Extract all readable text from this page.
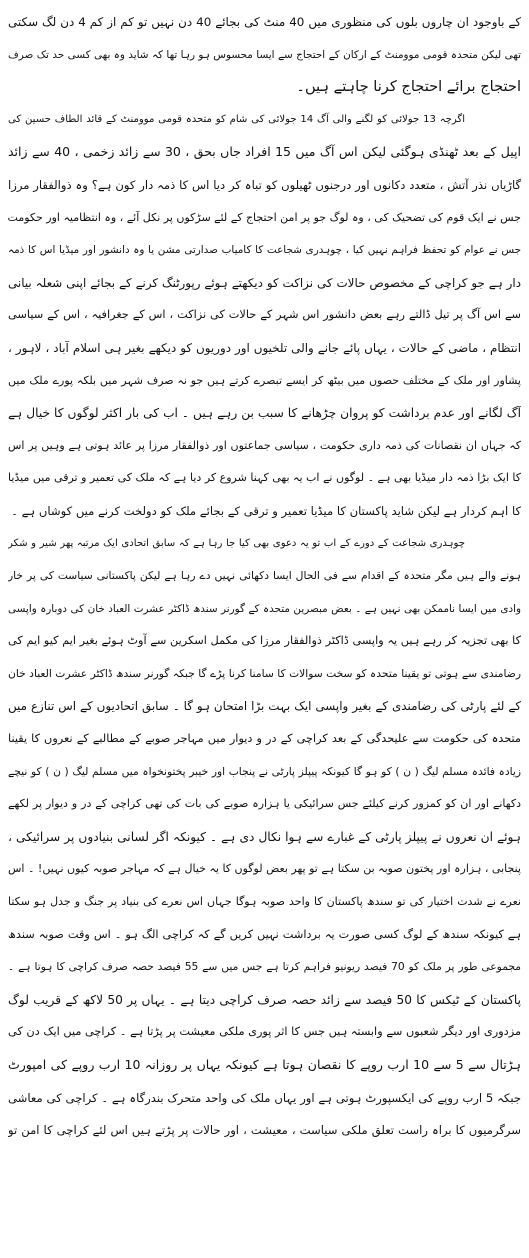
کے باوجود ان چاروں بلوں کی منظوری میں 40 منٹ کی بجائے 40 دن نہیں تو کم از کم 4 دن لگ سکتی
تھی لیکن متحدہ قومی موومنٹ کے ارکان کے احتجاج سے ایسا محسوس ہو رہا تھا کہ شاید وہ بھی کسی حد تک صرف
احتجاج برائے احتجاج کرنا چاہتے ہیں۔
اگرچہ 13 جولائی کو لگنے والی آگ 14 جولائی کی شام کو متحدہ قومی موومنٹ کے قائد الطاف حسین کی
اپیل کے بعد ٹھنڈی ہوگئی لیکن اس آگ میں 15 افراد جاں بحق ، 30 سے زائد زخمی ، 40 سے زائد
گاڑیاں نذر آتش ، متعدد دکانوں اور درجنوں ٹھیلوں کو تباہ کر دیا اس کا ذمہ دار کون ہے؟ وہ ذوالفقار مرزا
جس نے ایک قوم کی تضحیک کی ، وہ لوگ جو پر امن احتجاج کے لئے سڑکوں پر نکل آئے ، وہ انتظامیہ اور حکومت
جس نے عوام کو تحفظ فراہم نہیں کیا ، چوہدری شجاعت کا کامیاب صدارتی مشن یا وہ دانشور اور میڈیا اس کا ذمہ
دار ہے جو کراچی کے مخصوص حالات کی نزاکت کو دیکھتے ہوئے رپورٹنگ کرنے کے بجائے اپنی شعلہ بیانی
سے اس آگ پر تیل ڈالتے رہے بعض دانشور اس شہر کے حالات کی نزاکت ، اس کے جغرافیہ ، اس کے سیاسی
انتظام ، ماضی کے حالات ، یہاں پائے جانے والی تلخیوں اور دوریوں کو دیکھے بغیر ہی اسلام آباد ، لاہور ،
پشاور اور ملک کے مختلف حصوں میں بیٹھ کر ایسے تبصرے کرتے ہیں جو نہ صرف شہر میں بلکہ پورے ملک میں
آگ لگانے اور عدم برداشت کو پروان چڑھانے کا سبب بن رہے ہیں ۔ اب کی بار اکثر لوگوں کا خیال ہے
کہ جہاں ان نقصانات کی ذمہ داری حکومت ، سیاسی جماعتوں اور ذوالفقار مرزا پر عائد ہوتی ہے وہیں پر اس
کا ایک بڑا ذمہ دار میڈیا بھی ہے ۔ لوگوں نے اب یہ بھی کہنا شروع کر دیا ہے کہ ملک کی تعمیر و ترقی میں میڈیا
کا اہم کردار ہے لیکن شاید پاکستان کا میڈیا تعمیر و ترقی کے بجائے ملک کو دولخت کرنے میں کوشاں ہے ۔
چوہدری شجاعت کے دورے کے اب تو یہ دعوی بھی کیا جا رہا ہے کہ سابق اتحادی ایک مرتبہ پھر شیر و شکر
ہونے والے ہیں مگر متحدہ کے اقدام سے فی الحال ایسا دکھائی نہیں دے رہا ہے لیکن پاکستانی سیاست کی پر خار
وادی میں ایسا ناممکن بھی نہیں ہے ۔ بعض مبصرین متحدہ کے گورنر سندھ ڈاکٹر عشرت العباد خان کی دوبارہ واپسی
کا بھی تجزیہ کر رہے ہیں یہ واپسی ڈاکٹر ذوالفقار مرزا کی مکمل اسکرین سے آوٹ ہوئے بغیر ایم کیو ایم کی
رضامندی سے ہوتی تو یقینا متحدہ کو سخت سوالات کا سامنا کرنا پڑے گا جبکہ گورنر سندھ ڈاکٹر عشرت العباد خان
کے لئے پارٹی کی رضامندی کے بغیر واپسی ایک بہت بڑا امتحان ہو گا ۔ سابق اتحادیوں کے اس تنازع میں
متحدہ کی حکومت سے علیحدگی کے بعد کراچی کے در و دیوار میں مہاجر صوبے کے مطالبے کے نعروں کا یقینا
زیادہ فائدہ مسلم لیگ ( ن ) کو ہو گا کیونکہ پیپلز پارٹی نے پنجاب اور خیبر پختونخواہ میں مسلم لیگ ( ن ) کو نیچے
دکھانے اور ان کو کمزور کرنے کیلئے جس سرائیکی یا ہزارہ صوبے کی بات کی تھی کراچی کے در و دیوار پر لکھے
ہوئے ان نعروں نے پیپلز پارٹی کے غبارے سے ہوا نکال دی ہے ۔ کیونکہ اگر لسانی بنیادوں پر سرائیکی ،
پنجابی ، ہزارہ اور پختون صوبہ بن سکتا ہے تو پھر بعض لوگوں کا یہ خیال ہے کہ مہاجر صوبہ کیوں نہیں! ۔ اس
نعرے نے شدت اختیار کی تو سندھ پاکستان کا واحد صوبہ ہوگا جہاں اس نعرے کی بنیاد پر جنگ و جدل ہو سکتا
ہے کیونکہ سندھ کے لوگ کسی صورت یہ برداشت نہیں کریں گے کہ کراچی الگ ہو ۔ اس وقت صوبہ سندھ
مجموعی طور پر ملک کو 70 فیصد ریونیو فراہم کرتا ہے جس میں سے 55 فیصد حصہ صرف کراچی کا ہوتا ہے ۔
پاکستان کے ٹیکس کا 50 فیصد سے زائد حصہ صرف کراچی دیتا ہے ۔ یہاں پر 50 لاکھ کے قریب لوگ
مزدوری اور دیگر شعبوں سے وابستہ ہیں جس کا اثر پوری ملکی معیشت پر پڑتا ہے ۔ کراچی میں ایک دن کی
ہڑتال سے 5 سے 10 ارب روپے کا نقصان ہوتا ہے کیونکہ یہاں پر روزانہ 10 ارب روپے کی امپورٹ
جبکہ 5 ارب روپے کی ایکسپورٹ ہوتی ہے اور یہاں ملک کی واحد متحرک بندرگاہ ہے ۔ کراچی کی معاشی
سرگرمیوں کا براہ راست تعلق ملکی سیاست ، معیشت ، اور حالات پر پڑتے ہیں اس لئے کراچی کا امن تو
